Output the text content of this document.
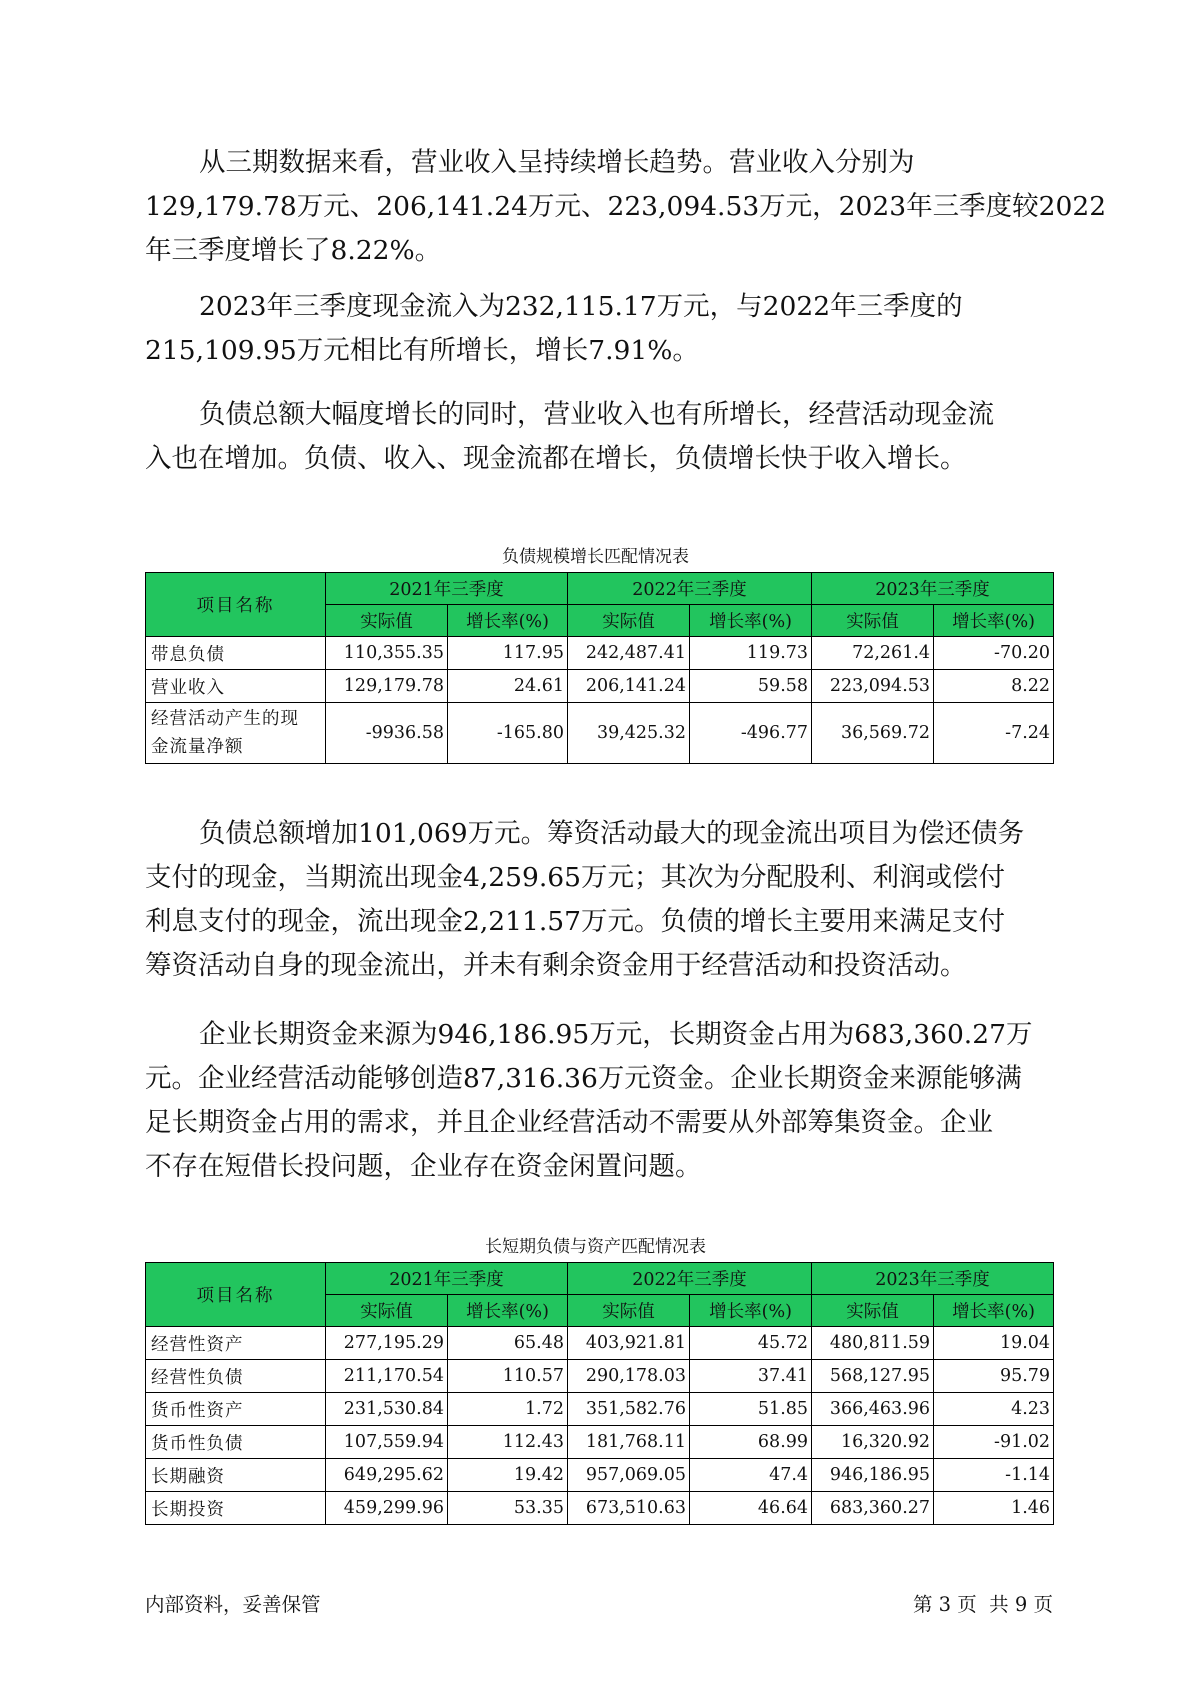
从三期数据来看，营业收入呈持续增长趋势。营业收入分别为
129,179.78万元、206,141.24万元、223,094.53万元，2023年三季度较2022
年三季度增长了8.22%。

2023年三季度现金流入为232,115.17万元，与2022年三季度的
215,109.95万元相比有所增长，增长7.91%。

负债总额大幅度增长的同时，营业收入也有所增长，经营活动现金流
入也在增加。负债、收入、现金流都在增长，负债增长快于收入增长。

负债规模增长匹配情况表
项目名称	2021年三季度		2022年三季度		2023年三季度	
	实际值	增长率(%)	实际值	增长率(%)	实际值	增长率(%)
带息负债	110,355.35	117.95	242,487.41	119.73	72,261.4	-70.20
营业收入	129,179.78	24.61	206,141.24	59.58	223,094.53	8.22

经营活动产生的现
金流量净额	-9936.58	-165.80	39,425.32	-496.77	36,569.72	-7.24

负债总额增加101,069万元。筹资活动最大的现金流出项目为偿还债务
支付的现金，当期流出现金4,259.65万元；其次为分配股利、利润或偿付
利息支付的现金，流出现金2,211.57万元。负债的增长主要用来满足支付
筹资活动自身的现金流出，并未有剩余资金用于经营活动和投资活动。

企业长期资金来源为946,186.95万元，长期资金占用为683,360.27万
元。企业经营活动能够创造87,316.36万元资金。企业长期资金来源能够满
足长期资金占用的需求，并且企业经营活动不需要从外部筹集资金。企业
不存在短借长投问题，企业存在资金闲置问题。

长短期负债与资产匹配情况表
项目名称	2021年三季度		2022年三季度		2023年三季度	
	实际值	增长率(%)	实际值	增长率(%)	实际值	增长率(%)
经营性资产	277,195.29	65.48	403,921.81	45.72	480,811.59	19.04
经营性负债	211,170.54	110.57	290,178.03	37.41	568,127.95	95.79
货币性资产	231,530.84	1.72	351,582.76	51.85	366,463.96	4.23
货币性负债	107,559.94	112.43	181,768.11	68.99	16,320.92	-91.02
长期融资	649,295.62	19.42	957,069.05	47.4	946,186.95	-1.14
长期投资	459,299.96	53.35	673,510.63	46.64	683,360.27	1.46
内部资料，妥善保管	第 3 页  共 9 页
